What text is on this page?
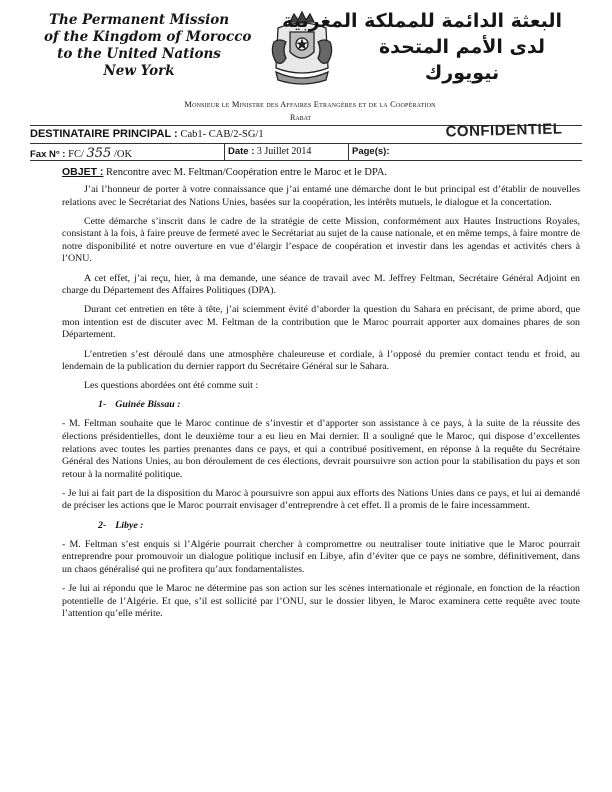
The Permanent Mission
of the Kingdom of Morocco
to the United Nations
New York
البعثة الدائمة للمملكة المغربية
لدى الأمم المتحدة
نيويورك
Monsieur le Ministre des Affaires Etrangères et de la Coopération
Rabat
DESTINATAIRE PRINCIPAL : Cab1- CAB/2-SG/1	CONFIDENTIEL
Fax N° : FC/ 355 /OK	Date : 3 Juillet 2014	Page(s):
OBJET : Rencontre avec M. Feltman/Coopération entre le Maroc et le DPA.

J’ai l’honneur de porter à votre connaissance que j’ai entamé une démarche dont le but principal est d’établir de nouvelles relations avec le Secrétariat des Nations Unies, basées sur la coopération, les intérêts mutuels, le dialogue et la concertation.

Cette démarche s’inscrit dans le cadre de la stratégie de cette Mission, conformément aux Hautes Instructions Royales, consistant à la fois, à faire preuve de fermeté avec le Secrétariat au sujet de la cause nationale, et en même temps, à faire montre de notre disponibilité et notre ouverture en vue d’élargir l’espace de coopération et investir dans les agendas et activités chers à l’ONU.

A cet effet, j’ai reçu, hier, à ma demande, une séance de travail avec M. Jeffrey Feltman, Secrétaire Général Adjoint en charge du Département des Affaires Politiques (DPA).

Durant cet entretien en tête à tête, j’ai sciemment évité d’aborder la question du Sahara en précisant, de prime abord, que mon intention est de discuter avec M. Feltman de la contribution que le Maroc pourrait apporter aux domaines phares de son Département.

L’entretien s’est déroulé dans une atmosphère chaleureuse et cordiale, à l’opposé du premier contact tendu et froid, au lendemain de la publication du dernier rapport du Secrétaire Général sur le Sahara.

Les questions abordées ont été comme suit :

1- Guinée Bissau :

- M. Feltman souhaite que le Maroc continue de s’investir et d’apporter son assistance à ce pays, à la suite de la réussite des élections présidentielles, dont le deuxième tour a eu lieu en Mai dernier. Il a souligné que le Maroc, qui dispose d’excellentes relations avec toutes les parties prenantes dans ce pays, et qui a contribué positivement, en réponse à la requête du Secrétaire Général des Nations Unies, au bon déroulement de ces élections, devrait poursuivre son action pour la stabilisation du pays et son retour à la normalité politique.

- Je lui ai fait part de la disposition du Maroc à poursuivre son appui aux efforts des Nations Unies dans ce pays, et lui ai demandé de préciser les actions que le Maroc pourrait envisager d’entreprendre à cet effet. Il a promis de le faire incessamment.

2- Libye :

- M. Feltman s’est enquis si l’Algérie pourrait chercher à compromettre ou neutraliser toute initiative que le Maroc pourrait entreprendre pour promouvoir un dialogue politique inclusif en Libye, afin d’éviter que ce pays ne sombre, définitivement, dans un chaos généralisé qui ne profitera qu’aux fondamentalistes.

- Je lui ai répondu que le Maroc ne détermine pas son action sur les scènes internationale et régionale, en fonction de la réaction potentielle de l’Algérie. Et que, s’il est sollicité par l’ONU, sur le dossier libyen, le Maroc examinera cette requête avec toute l’attention qu’elle mérite.
